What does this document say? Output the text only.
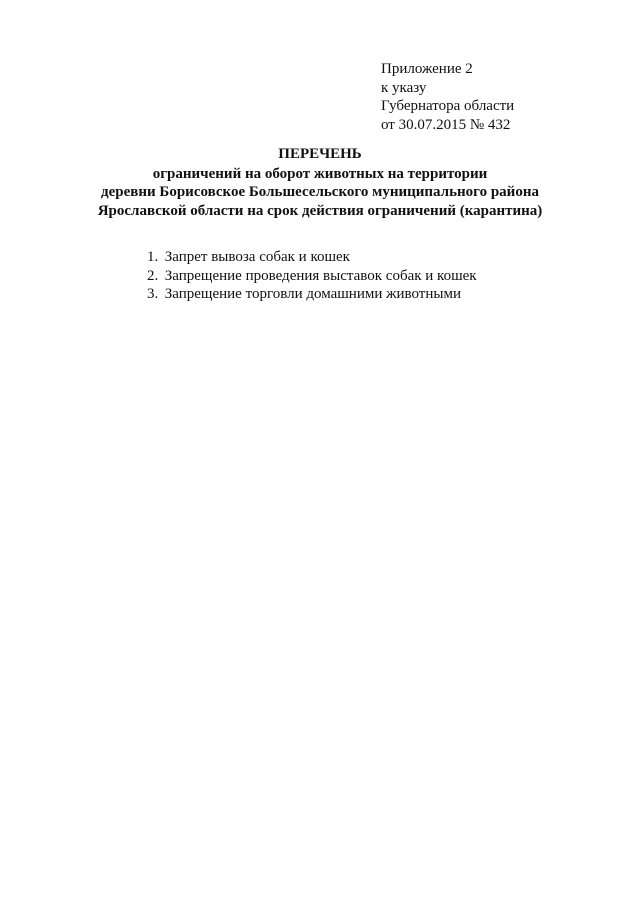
Приложение 2
к указу
Губернатора области
от 30.07.2015 № 432
ПЕРЕЧЕНЬ
ограничений на оборот животных на территории
деревни Борисовское Большесельского муниципального района
Ярославской области на срок действия ограничений (карантина)
1. Запрет вывоза собак и кошек
2. Запрещение проведения выставок собак и кошек
3. Запрещение торговли домашними животными
